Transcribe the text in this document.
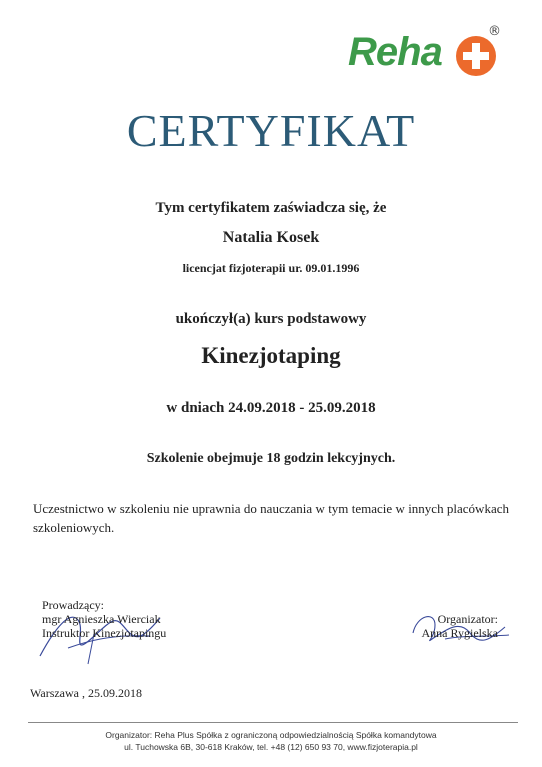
Reha	®
CERTYFIKAT
Tym certyfikatem zaświadcza się, że
Natalia Kosek
licencjat fizjoterapii ur. 09.01.1996
ukończył(a) kurs podstawowy
Kinezjotaping
w dniach 24.09.2018 - 25.09.2018
Szkolenie obejmuje 18 godzin lekcyjnych.
Uczestnictwo w szkoleniu nie uprawnia do nauczania w tym temacie w innych placówkach szkoleniowych.
Prowadzący:
mgr Agnieszka Wierciak
Instruktor Kinezjotapingu
Organizator:
Anna Rygielska
Warszawa , 25.09.2018
Organizator: Reha Plus Spółka z ograniczoną odpowiedzialnością Spółka komandytowa
ul. Tuchowska 6B, 30-618 Kraków, tel. +48 (12) 650 93 70, www.fizjoterapia.pl
